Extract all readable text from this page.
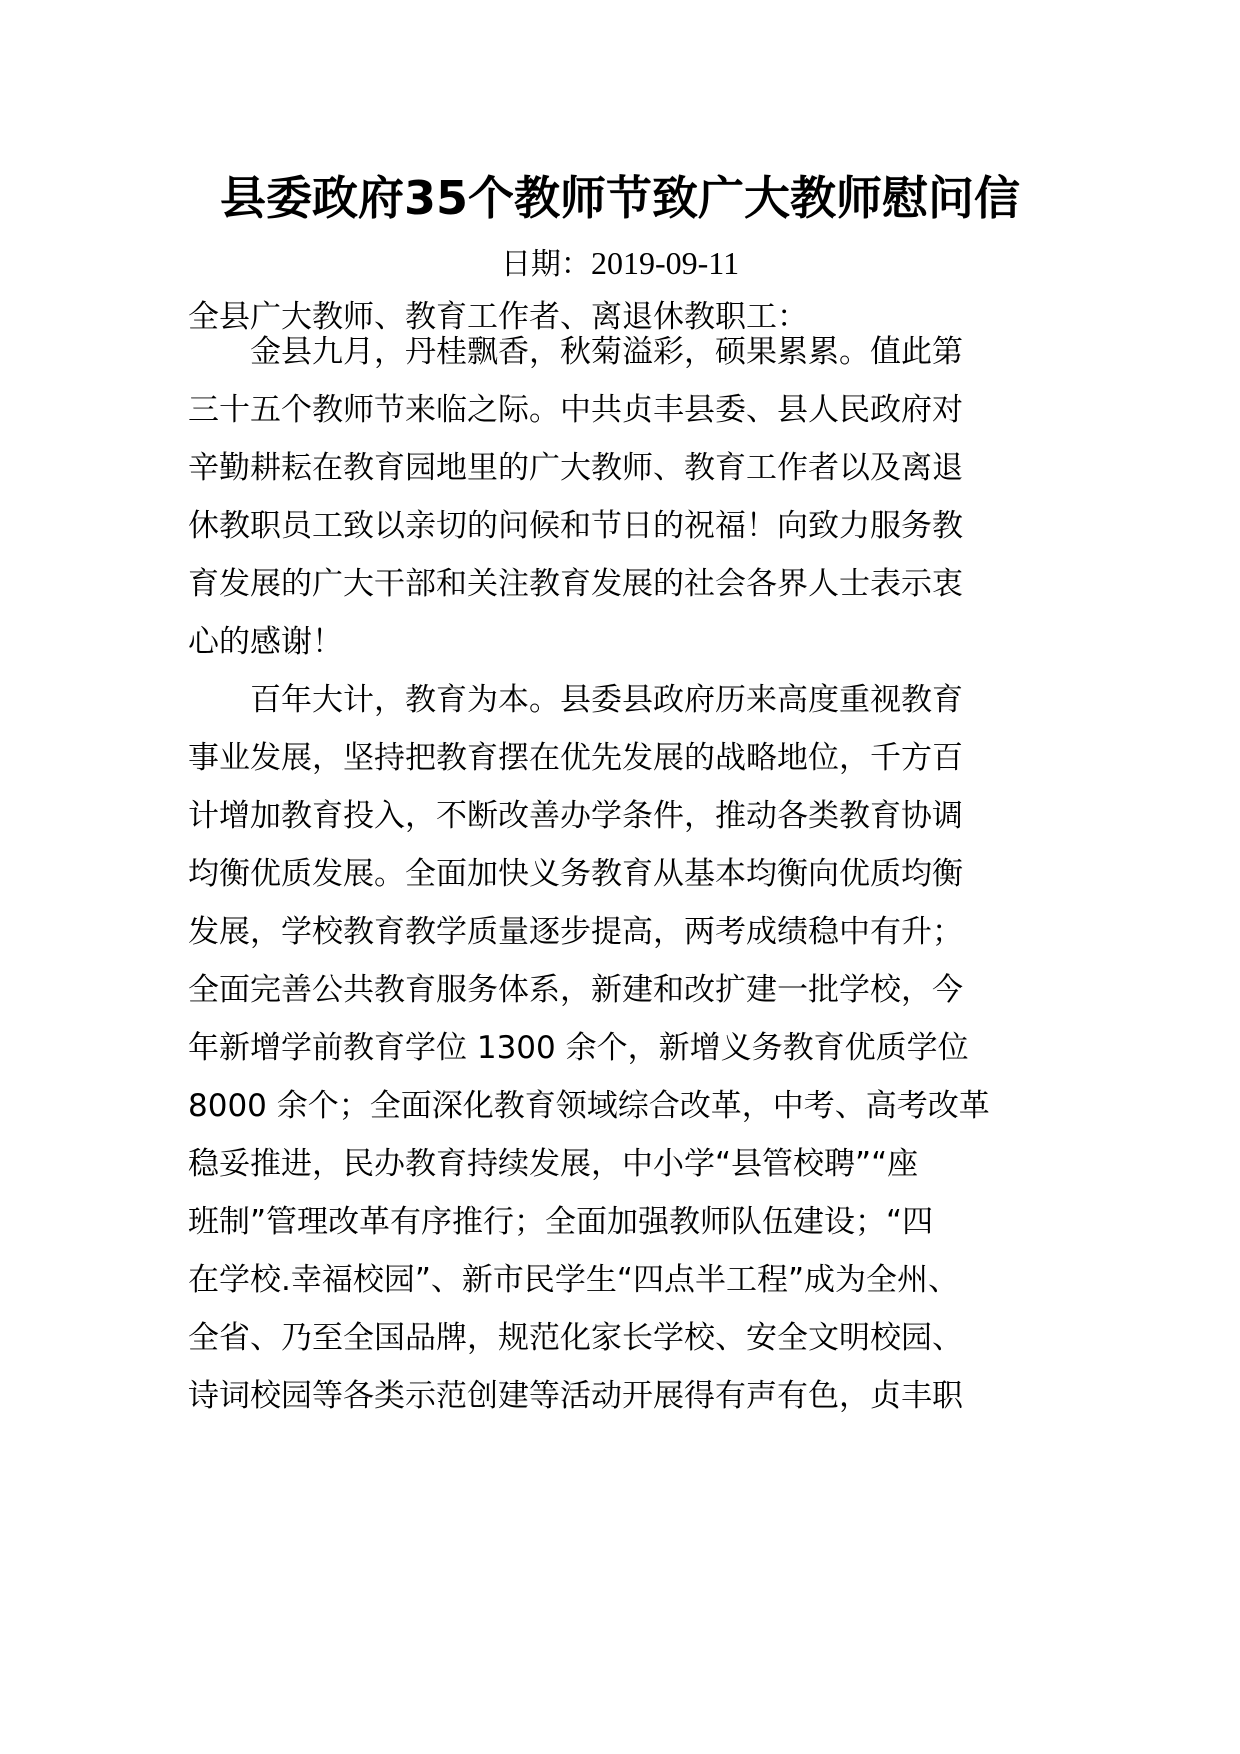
县委政府35个教师节致广大教师慰问信
日期：2019-09-11
全县广大教师、教育工作者、离退休教职工：
　　金县九月，丹桂飘香，秋菊溢彩，硕果累累。值此第
三十五个教师节来临之际。中共贞丰县委、县人民政府对
辛勤耕耘在教育园地里的广大教师、教育工作者以及离退
休教职员工致以亲切的问候和节日的祝福！向致力服务教
育发展的广大干部和关注教育发展的社会各界人士表示衷
心的感谢！
　　百年大计，教育为本。县委县政府历来高度重视教育
事业发展，坚持把教育摆在优先发展的战略地位，千方百
计增加教育投入，不断改善办学条件，推动各类教育协调
均衡优质发展。全面加快义务教育从基本均衡向优质均衡
发展，学校教育教学质量逐步提高，两考成绩稳中有升；
全面完善公共教育服务体系，新建和改扩建一批学校，今
年新增学前教育学位 1300 余个，新增义务教育优质学位
8000 余个；全面深化教育领域综合改革，中考、高考改革
稳妥推进，民办教育持续发展，中小学“县管校聘”“座
班制”管理改革有序推行；全面加强教师队伍建设；“四
在学校.幸福校园”、新市民学生“四点半工程”成为全州、
全省、乃至全国品牌，规范化家长学校、安全文明校园、
诗词校园等各类示范创建等活动开展得有声有色，贞丰职
